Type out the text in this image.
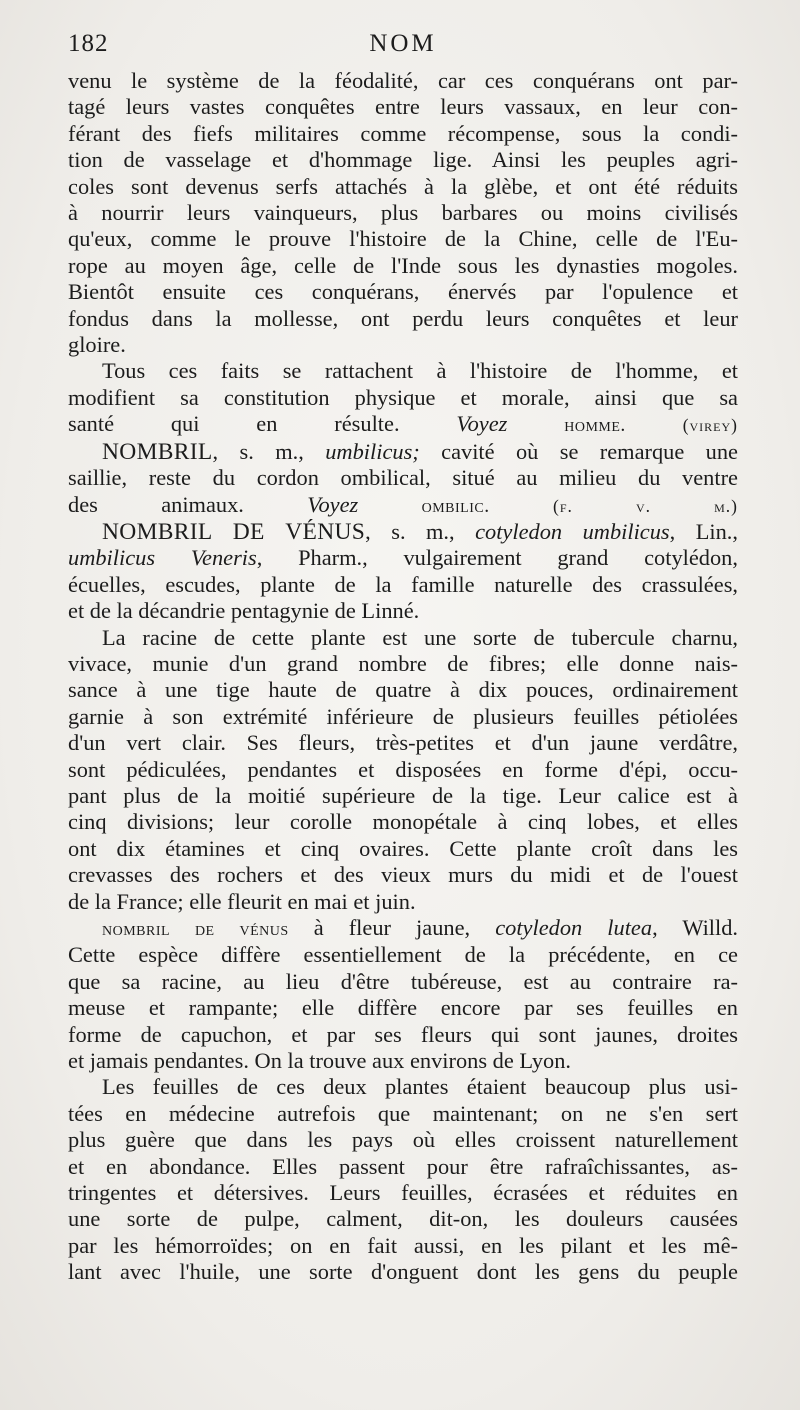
182	NOM
venu le système de la féodalité, car ces conquérans ont par-
tagé leurs vastes conquêtes entre leurs vassaux, en leur con-
férant des fiefs militaires comme récompense, sous la condi-
tion de vasselage et d'hommage lige. Ainsi les peuples agri-
coles sont devenus serfs attachés à la glèbe, et ont été réduits
à nourrir leurs vainqueurs, plus barbares ou moins civilisés
qu'eux, comme le prouve l'histoire de la Chine, celle de l'Eu-
rope au moyen âge, celle de l'Inde sous les dynasties mogoles.
Bientôt ensuite ces conquérans, énervés par l'opulence et
fondus dans la mollesse, ont perdu leurs conquêtes et leur
gloire.
Tous ces faits se rattachent à l'histoire de l'homme, et
modifient sa constitution physique et morale, ainsi que sa
santé qui en résulte.	Voyez	homme.	(virey)
NOMBRIL, s. m., umbilicus; cavité où se remarque une
saillie, reste du cordon ombilical, situé au milieu du ventre
des animaux.	Voyez	ombilic.	(f. v. m.)
NOMBRIL DE VÉNUS, s. m., cotyledon umbilicus, Lin.,
umbilicus Veneris, Pharm., vulgairement grand cotylédon,
écuelles, escudes, plante de la famille naturelle des crassulées,
et de la décandrie pentagynie de Linné.
La racine de cette plante est une sorte de tubercule charnu,
vivace, munie d'un grand nombre de fibres; elle donne nais-
sance à une tige haute de quatre à dix pouces, ordinairement
garnie à son extrémité inférieure de plusieurs feuilles pétiolées
d'un vert clair. Ses fleurs, très-petites et d'un jaune verdâtre,
sont pédiculées, pendantes et disposées en forme d'épi, occu-
pant plus de la moitié supérieure de la tige. Leur calice est à
cinq divisions; leur corolle monopétale à cinq lobes, et elles
ont dix étamines et cinq ovaires. Cette plante croît dans les
crevasses des rochers et des vieux murs du midi et de l'ouest
de la France; elle fleurit en mai et juin.
nombril de vénus à fleur jaune, cotyledon lutea, Willd.
Cette espèce diffère essentiellement de la précédente, en ce
que sa racine, au lieu d'être tubéreuse, est au contraire ra-
meuse et rampante; elle diffère encore par ses feuilles en
forme de capuchon, et par ses fleurs qui sont jaunes, droites
et jamais pendantes. On la trouve aux environs de Lyon.
Les feuilles de ces deux plantes étaient beaucoup plus usi-
tées en médecine autrefois que maintenant; on ne s'en sert
plus guère que dans les pays où elles croissent naturellement
et en abondance. Elles passent pour être rafraîchissantes, as-
tringentes et détersives. Leurs feuilles, écrasées et réduites en
une sorte de pulpe, calment, dit-on, les douleurs causées
par les hémorroïdes; on en fait aussi, en les pilant et les mê-
lant avec l'huile, une sorte d'onguent dont les gens du peuple
